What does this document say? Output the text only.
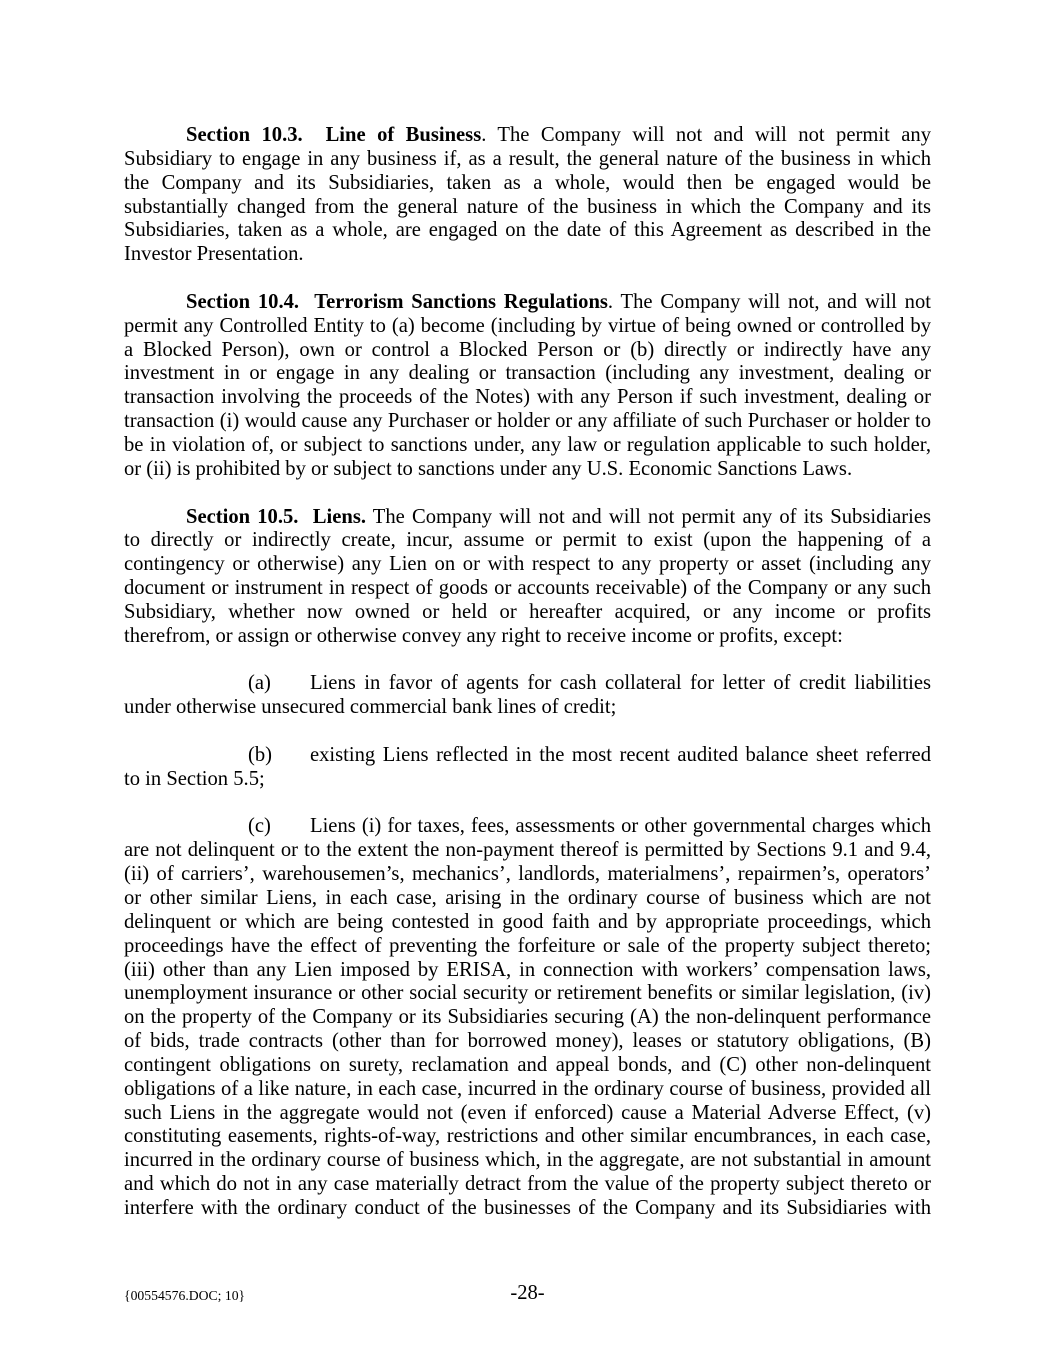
Section 10.3.  Line of Business. The Company will not and will not permit any
Subsidiary to engage in any business if, as a result, the general nature of the business in which
the Company and its Subsidiaries, taken as a whole, would then be engaged would be
substantially changed from the general nature of the business in which the Company and its
Subsidiaries, taken as a whole, are engaged on the date of this Agreement as described in the
Investor Presentation.
Section 10.4.  Terrorism Sanctions Regulations. The Company will not, and will not
permit any Controlled Entity to (a) become (including by virtue of being owned or controlled by
a Blocked Person), own or control a Blocked Person or (b) directly or indirectly have any
investment in or engage in any dealing or transaction (including any investment, dealing or
transaction involving the proceeds of the Notes) with any Person if such investment, dealing or
transaction (i) would cause any Purchaser or holder or any affiliate of such Purchaser or holder to
be in violation of, or subject to sanctions under, any law or regulation applicable to such holder,
or (ii) is prohibited by or subject to sanctions under any U.S. Economic Sanctions Laws.
Section 10.5.  Liens. The Company will not and will not permit any of its Subsidiaries
to directly or indirectly create, incur, assume or permit to exist (upon the happening of a
contingency or otherwise) any Lien on or with respect to any property or asset (including any
document or instrument in respect of goods or accounts receivable) of the Company or any such
Subsidiary, whether now owned or held or hereafter acquired, or any income or profits
therefrom, or assign or otherwise convey any right to receive income or profits, except:
(a) Liens in favor of agents for cash collateral for letter of credit liabilities
under otherwise unsecured commercial bank lines of credit;
(b) existing Liens reflected in the most recent audited balance sheet referred
to in Section 5.5;
(c) Liens (i) for taxes, fees, assessments or other governmental charges which
are not delinquent or to the extent the non-payment thereof is permitted by Sections 9.1 and 9.4,
(ii) of carriers’, warehousemen’s, mechanics’, landlords, materialmens’, repairmen’s, operators’
or other similar Liens, in each case, arising in the ordinary course of business which are not
delinquent or which are being contested in good faith and by appropriate proceedings, which
proceedings have the effect of preventing the forfeiture or sale of the property subject thereto;
(iii) other than any Lien imposed by ERISA, in connection with workers’ compensation laws,
unemployment insurance or other social security or retirement benefits or similar legislation, (iv)
on the property of the Company or its Subsidiaries securing (A) the non-delinquent performance
of bids, trade contracts (other than for borrowed money), leases or statutory obligations, (B)
contingent obligations on surety, reclamation and appeal bonds, and (C) other non-delinquent
obligations of a like nature, in each case, incurred in the ordinary course of business, provided all
such Liens in the aggregate would not (even if enforced) cause a Material Adverse Effect, (v)
constituting easements, rights-of-way, restrictions and other similar encumbrances, in each case,
incurred in the ordinary course of business which, in the aggregate, are not substantial in amount
and which do not in any case materially detract from the value of the property subject thereto or
interfere with the ordinary conduct of the businesses of the Company and its Subsidiaries with
{00554576.DOC; 10}	-28-
